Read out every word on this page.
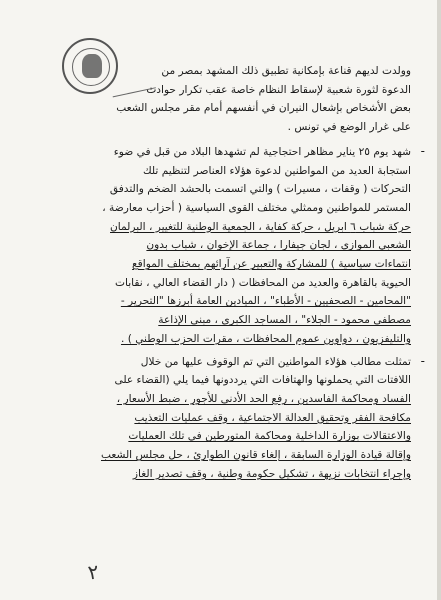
وولدت لديهم قناعة بإمكانية تطبيق ذلك المشهد بمصر من

الدعوة لثورة شعبية لإسقاط النظام خاصة عقب تكرار حوادث

بعض الأشخاص بإشعال النيران في أنفسهم أمام مقر مجلس الشعب

على غرار الوضع في تونس .

-

شهد يوم ٢٥ يناير مظاهر احتجاجية لم تشهدها البلاد من قبل في ضوء

استجابة العديد من المواطنين لدعوة هؤلاء العناصر لتنظيم تلك

التحركات ( وقفات ، مسيرات ) والتي اتسمت بالحشد الضخم والتدفق

المستمر للمواطنين وممثلي مختلف القوى السياسية ( أحزاب معارضة ،

حركة شباب ٦ ابريل ، حركة كفاية ، الجمعية الوطنية للتغيير ، البرلمان

الشعبي الموازي ، لجان جيفارا ، جماعة الإخوان ، شباب بدون

انتماءات سياسية ) للمشاركة والتعبير عن آرائهم بمختلف المواقع

الحيوية بالقاهرة والعديد من المحافظات ( دار القضاء العالي ، نقابات

"المحامين - الصحفيين - الأطباء" ، الميادين العامة أبرزها "التحرير -

مصطفى محمود - الجلاء" ، المساجد الكبرى ، مبنى الإذاعة

والتليفزيون ، دواوين عموم المحافظات ، مقرات الحزب الوطني ) .

-

تمثلت مطالب هؤلاء المواطنين التي تم الوقوف عليها من خلال

اللافتات التي يحملونها والهتافات التي يرددونها فيما يلي (القضاء على

الفساد ومحاكمة الفاسدين ، رفع الحد الأدنى للأجور ، ضبط الأسعار ،

مكافحة الفقر وتحقيق العدالة الاجتماعية ، وقف عمليات التعذيب

والاعتقالات بوزارة الداخلية ومحاكمة المتورطين في تلك العمليات

وإقالة قيادة الوزارة السابقة ، إلغاء قانون الطوارئ ، حل مجلس الشعب

وإجراء انتخابات نزيهة ، تشكيل حكومة وطنية ، وقف تصدير الغاز

٢
